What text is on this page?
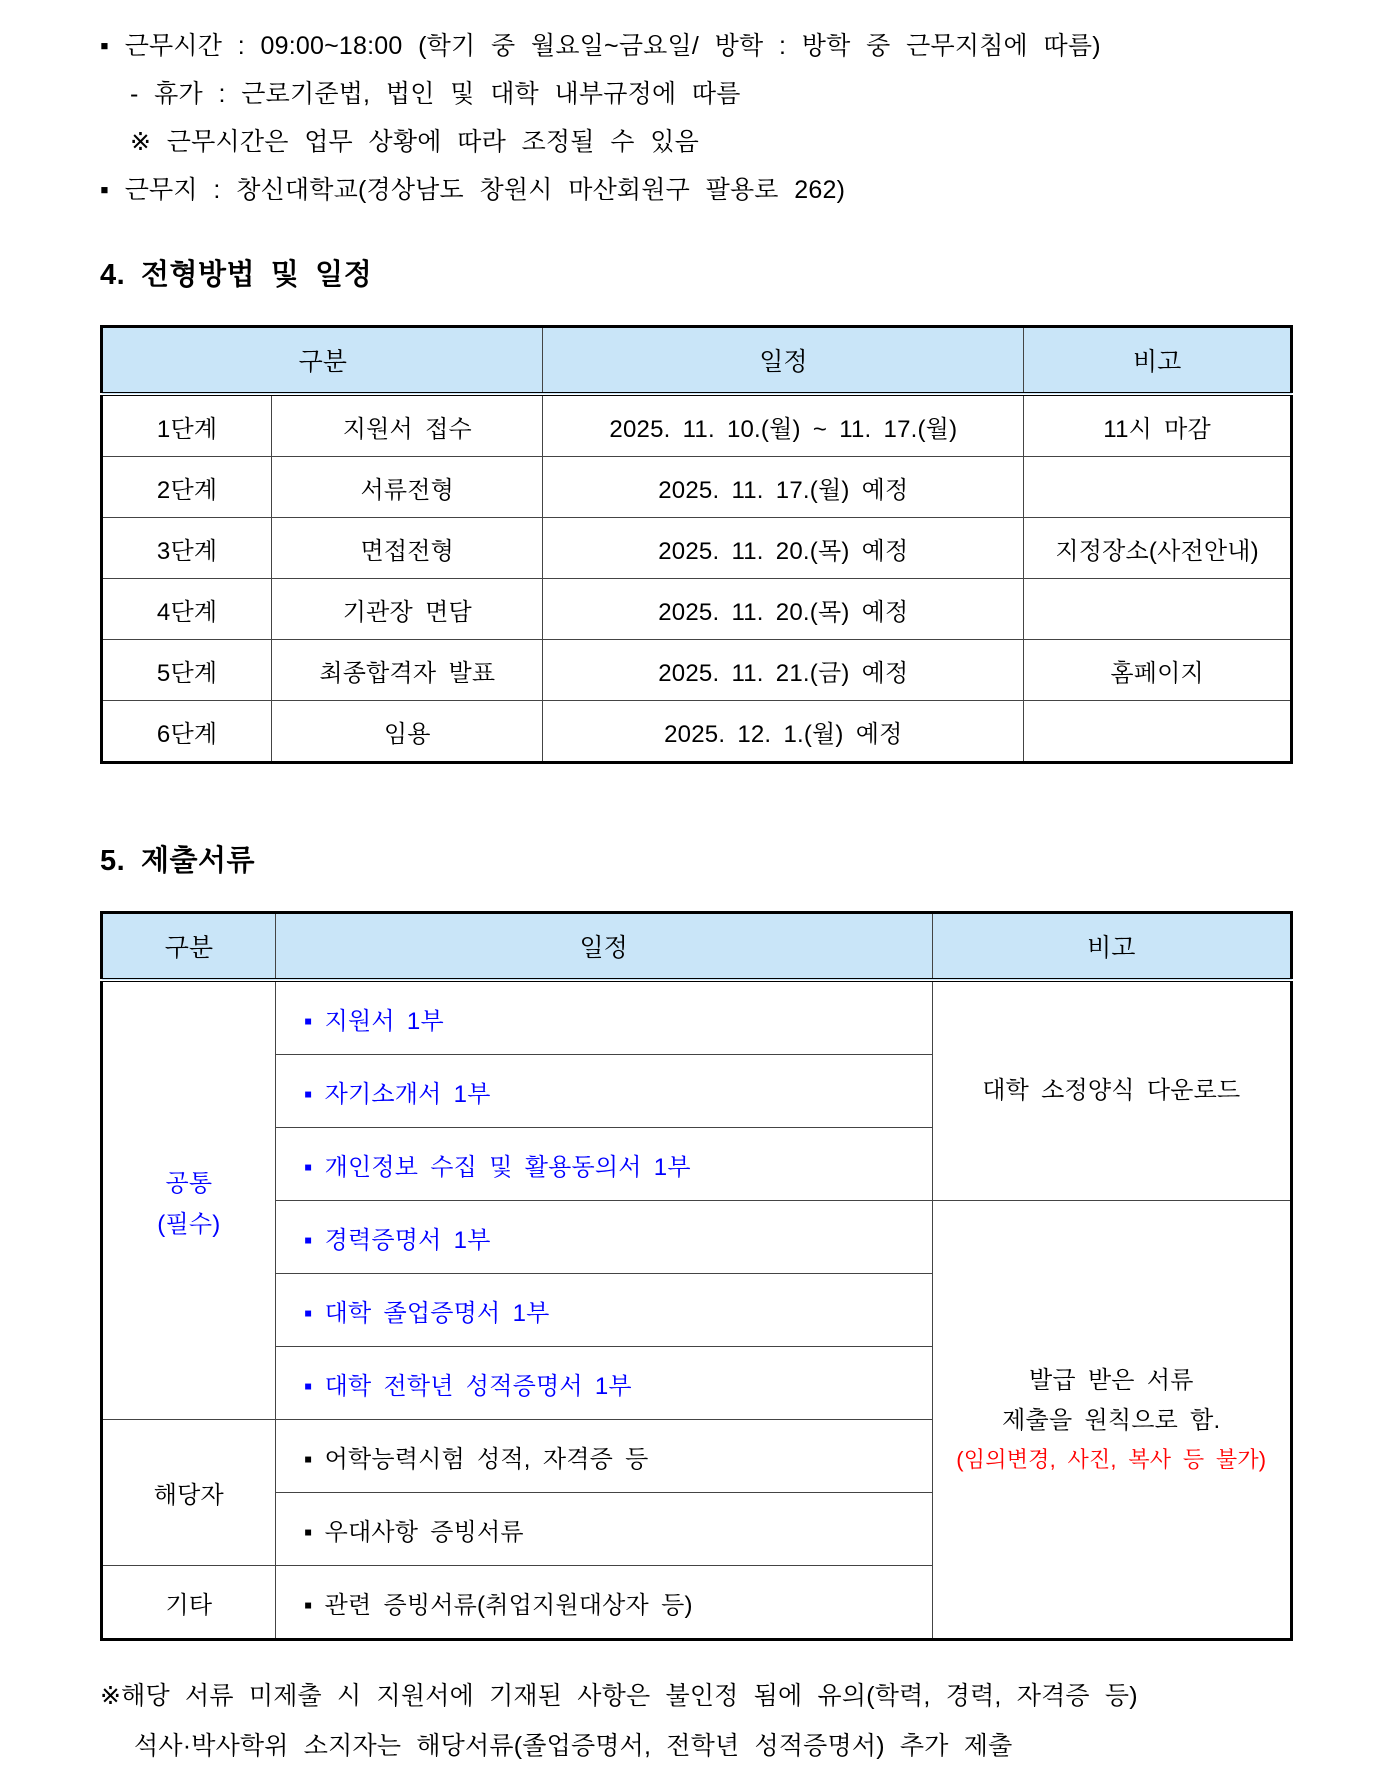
▪ 근무시간 : 09:00~18:00 (학기 중 월요일~금요일/ 방학 : 방학 중 근무지침에 따름)
- 휴가 : 근로기준법, 법인 및 대학 내부규정에 따름
※ 근무시간은 업무 상황에 따라 조정될 수 있음
▪ 근무지 : 창신대학교(경상남도 창원시 마산회원구 팔용로 262)
4. 전형방법 및 일정
구분		일정	비고
1단계	지원서 접수	2025. 11. 10.(월) ~ 11. 17.(월)	11시 마감
2단계	서류전형	2025. 11. 17.(월) 예정	
3단계	면접전형	2025. 11. 20.(목) 예정	지정장소(사전안내)
4단계	기관장 면담	2025. 11. 20.(목) 예정	
5단계	최종합격자 발표	2025. 11. 21.(금) 예정	홈페이지
6단계	임용	2025. 12. 1.(월) 예정	
5. 제출서류
구분	일정	비고

공통
(필수)	▪ 지원서 1부	대학 소정양식 다운로드
	▪ 자기소개서 1부	
	▪ 개인정보 수집 및 활용동의서 1부	
	▪ 경력증명서 1부	발급 받은 서류
제출을 원칙으로 함.
(임의변경, 사진, 복사 등 불가)

	▪ 대학 졸업증명서 1부	
	▪ 대학 전학년 성적증명서 1부	
해당자	▪ 어학능력시험 성적, 자격증 등	
	▪ 우대사항 증빙서류	
기타	▪ 관련 증빙서류(취업지원대상자 등)	
※해당 서류 미제출 시 지원서에 기재된 사항은 불인정 됨에 유의(학력, 경력, 자격증 등)
석사·박사학위 소지자는 해당서류(졸업증명서, 전학년 성적증명서) 추가 제출
